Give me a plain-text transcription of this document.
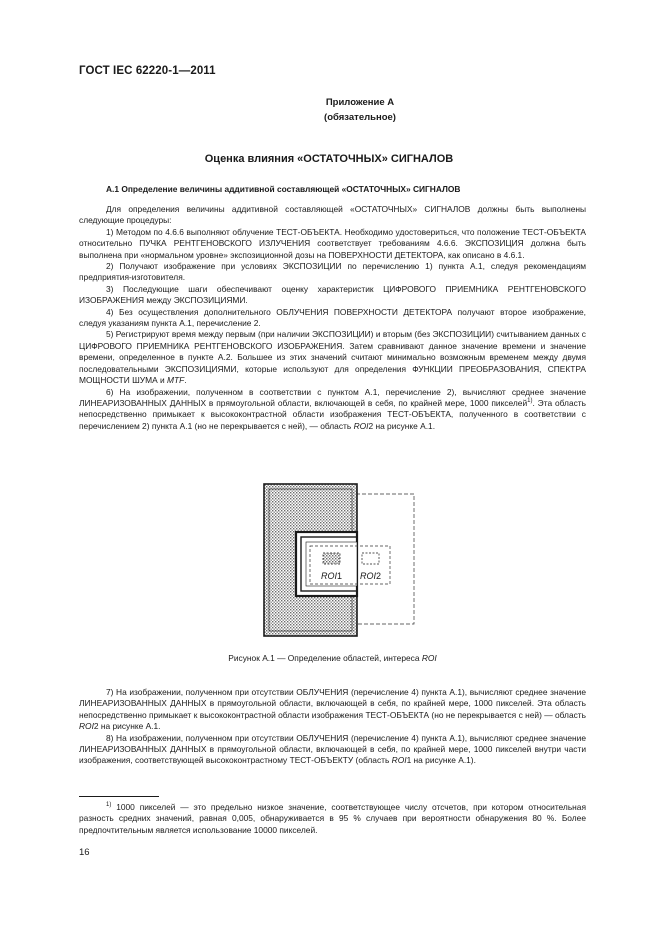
ГОСТ IEC 62220-1—2011
Приложение А
(обязательное)
Оценка влияния «ОСТАТОЧНЫХ» СИГНАЛОВ
А.1 Определение величины аддитивной составляющей «ОСТАТОЧНЫХ» СИГНАЛОВ

Для определения величины аддитивной составляющей «ОСТАТОЧНЫХ» СИГНАЛОВ должны быть выполнены следующие процедуры:

1) Методом по 4.6.6 выполняют облучение ТЕСТ-ОБЪЕКТА. Необходимо удостовериться, что положение ТЕСТ-ОБЪЕКТА относительно ПУЧКА РЕНТГЕНОВСКОГО ИЗЛУЧЕНИЯ соответствует требованиям 4.6.6. ЭКСПОЗИЦИЯ должна быть выполнена при «нормальном уровне» экспозиционной дозы на ПОВЕРХНОСТИ ДЕТЕКТОРА, как описано в 4.6.1.

2) Получают изображение при условиях ЭКСПОЗИЦИИ по перечислению 1) пункта А.1, следуя рекомендациям предприятия-изготовителя.

3) Последующие шаги обеспечивают оценку характеристик ЦИФРОВОГО ПРИЕМНИКА РЕНТГЕНОВСКОГО ИЗОБРАЖЕНИЯ между ЭКСПОЗИЦИЯМИ.

4) Без осуществления дополнительного ОБЛУЧЕНИЯ ПОВЕРХНОСТИ ДЕТЕКТОРА получают второе изображение, следуя указаниям пункта А.1, перечисление 2.

5) Регистрируют время между первым (при наличии ЭКСПОЗИЦИИ) и вторым (без ЭКСПОЗИЦИИ) считыванием данных с ЦИФРОВОГО ПРИЕМНИКА РЕНТГЕНОВСКОГО ИЗОБРАЖЕНИЯ. Затем сравнивают данное значение времени и значение времени, определенное в пункте А.2. Большее из этих значений считают минимально возможным временем между двумя последовательными ЭКСПОЗИЦИЯМИ, которые используют для определения ФУНКЦИИ ПРЕОБРАЗОВАНИЯ, СПЕКТРА МОЩНОСТИ ШУМА и MTF.

6) На изображении, полученном в соответствии с пунктом А.1, перечисление 2), вычисляют среднее значение ЛИНЕАРИЗОВАННЫХ ДАННЫХ в прямоугольной области, включающей в себя, по крайней мере, 1000 пикселей$^{1)}$. Эта область непосредственно примыкает к высококонтрастной области изображения ТЕСТ-ОБЪЕКТА, полученного в соответствии с перечислением 2) пункта А.1 (но не перекрывается с ней), — область ROI2 на рисунке А.1.

ROI1 ROI2
Рисунок А.1 — Определение областей, интереса ROI

7) На изображении, полученном при отсутствии ОБЛУЧЕНИЯ (перечисление 4) пункта А.1), вычисляют среднее значение ЛИНЕАРИЗОВАННЫХ ДАННЫХ в прямоугольной области, включающей в себя, по крайней мере, 1000 пикселей. Эта область непосредственно примыкает к высококонтрастной области изображения ТЕСТ-ОБЪЕКТА (но не перекрывается с ней) — область ROI2 на рисунке А.1.

8) На изображении, полученном при отсутствии ОБЛУЧЕНИЯ (перечисление 4) пункта А.1), вычисляют среднее значение ЛИНЕАРИЗОВАННЫХ ДАННЫХ в прямоугольной области, включающей в себя, по крайней мере, 1000 пикселей внутри части изображения, соответствующей высококонтрастному ТЕСТ-ОБЪЕКТУ (область ROI1 на рисунке А.1).

$^{1)}$ 1000 пикселей — это предельно низкое значение, соответствующее числу отсчетов, при котором относительная разность средних значений, равная 0,005, обнаруживается в 95 % случаев при вероятности обнаружения 80 %. Более предпочтительным является использование 10000 пикселей.
16
